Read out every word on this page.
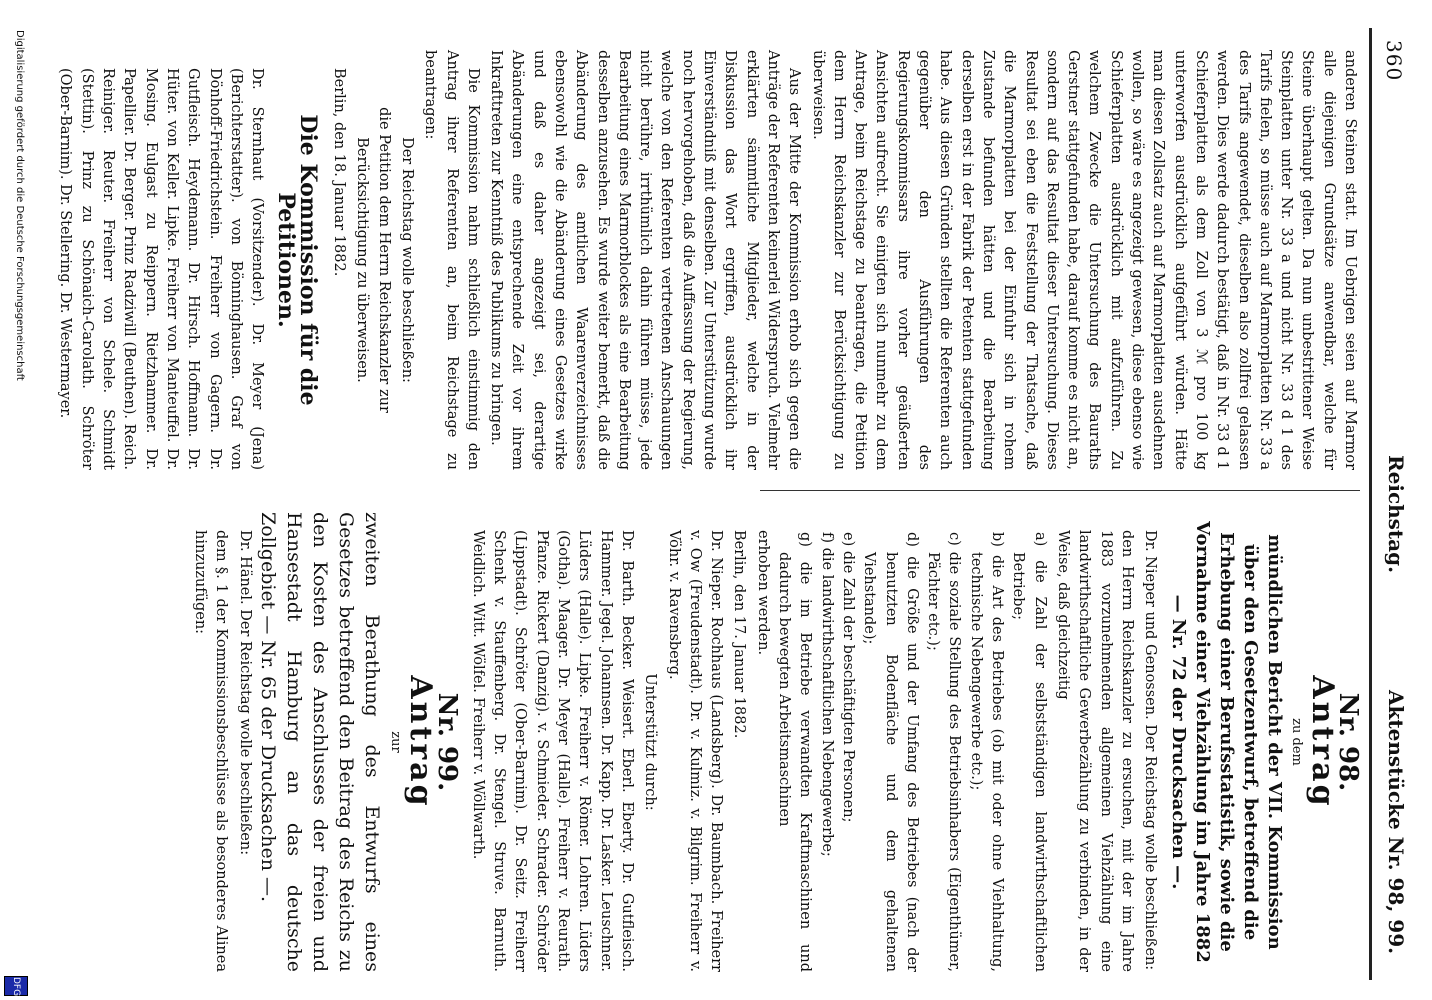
360
Reichstag.
Aktenstücke Nr. 98, 99.

anderen Steinen statt. Im Uebrigen seien auf Marmor alle diejenigen Grundsätze anwendbar, welche für Steine überhaupt gelten. Da nun unbestrittener Weise Steinplatten unter Nr. 33 a und nicht Nr. 33 d 1 des Tarifs fielen, so müsse auch auf Marmorplatten Nr. 33 a des Tarifs angewendet, dieselben also zollfrei gelassen werden. Dies werde dadurch bestätigt, daß in Nr. 33 d 1 Schieferplatten als dem Zoll von 3 ℳ pro 100 kg unterworfen ausdrücklich aufgeführt würden. Hätte man diesen Zollsatz auch auf Marmorplatten ausdehnen wollen, so wäre es angezeigt gewesen, diese ebenso wie Schieferplatten ausdrücklich mit aufzuführen. Zu welchem Zwecke die Untersuchung des Bauraths Gerstner stattgefunden habe, darauf komme es nicht an, sondern auf das Resultat dieser Untersuchung. Dieses Resultat sei eben die Feststellung der Thatsache, daß die Marmorplatten bei der Einfuhr sich in rohem Zustande befunden hätten und die Bearbeitung derselben erst in der Fabrik der Petenten stattgefunden habe. Aus diesen Gründen stellten die Referenten auch gegenüber den Ausführungen des Regierungskommissars ihre vorher geäußerten Ansichten aufrecht. Sie einigten sich nunmehr zu dem Antrage, beim Reichstage zu beantragen, die Petition dem Herrn Reichskanzler zur Berücksichtigung zu überweisen.

Aus der Mitte der Kommission erhob sich gegen die Anträge der Referenten keinerlei Widerspruch. Vielmehr erklärten sämmtliche Mitglieder, welche in der Diskussion das Wort ergriffen, ausdrücklich ihr Einverständniß mit denselben. Zur Unterstützung wurde noch hervorgehoben, daß die Auffassung der Regierung, welche von den Referenten vertretenen Anschauungen nicht berühre, irrthümlich dahin führen müsse, jede Bearbeitung eines Marmorblockes als eine Bearbeitung desselben anzusehen. Es wurde weiter bemerkt, daß die Abänderung des amtlichen Waarenverzeichnisses ebensowohl wie die Abänderung eines Gesetzes wirke und daß es daher angezeigt sei, derartige Abänderungen eine entsprechende Zeit vor ihrem Inkrafttreten zur Kenntniß des Publikums zu bringen.

Die Kommission nahm schließlich einstimmig den Antrag ihrer Referenten an, beim Reichstage zu beantragen:

Der Reichstag wolle beschließen:

die Petition dem Herrn Reichskanzler zur Berücksichtigung zu überweisen.

Berlin, den 18. Januar 1882.

Die Kommission für die Petitionen.

Dr. Sternhaut (Vorsitzender). Dr. Meyer (Jena) (Berichterstatter). von Bönninghausen. Graf von Dönhoff-Friedrichstein. Freiherr von Gagern. Dr. Gutfleisch. Heydemann. Dr. Hirsch. Hoffmann. Dr. Hüter. von Keller. Lipke. Freiherr von Manteuffel. Dr. Mosing. Eulgast zu Reippern. Rietzhammer. Dr. Papellier. Dr. Berger. Prinz Radziwill (Beuthen). Reich. Reiniger. Reuter. Freiherr von Schele. Schmidt (Stettin). Prinz zu Schönaich-Carolath. Schröter (Ober-Barnim). Dr. Stellering. Dr. Westermayer.

Nr. 98.
Antrag
zu dem
mündlichen Bericht der VII. Kommission über den Gesetzentwurf, betreffend die Erhebung einer Berufsstatistik, sowie die Vornahme einer Viehzählung im Jahre 1882 — Nr. 72 der Drucksachen —.

Dr. Nieper und Genossen. Der Reichstag wolle beschließen:

den Herrn Reichskanzler zu ersuchen, mit der im Jahre 1883 vorzunehmenden allgemeinen Viehzählung eine landwirthschaftliche Gewerbezählung zu verbinden, in der Weise, daß gleichzeitig

a) die Zahl der selbstständigen landwirthschaftlichen Betriebe;
b) die Art des Betriebes (ob mit oder ohne Viehhaltung, technische Nebengewerbe etc.);
c) die soziale Stellung des Betriebsinhabers (Eigenthümer, Pächter etc.);
d) die Größe und der Umfang des Betriebes (nach der benutzten Bodenfläche und dem gehaltenen Viehstande);
e) die Zahl der beschäftigten Personen;
f) die landwirthschaftlichen Nebengewerbe;
g) die im Betriebe verwandten Kraftmaschinen und dadurch bewegten Arbeitsmaschinen

erhoben werden.

Berlin, den 17. Januar 1882.

Dr. Nieper. Rochhaus (Landsberg). Dr. Baumbach. Freiherr v. Ow (Freudenstadt). Dr. v. Kulmiz. v. Bilgrim. Freiherr v. Vöhr. v. Ravensberg.

Unterstützt durch:

Dr. Barth. Becker. Weisert. Eberl. Eberty. Dr. Gutfleisch. Hammer. Jegel. Johannsen. Dr. Kapp. Dr. Lasker. Leuschner. Lüders (Halle). Lipke. Freiherr v. Römer. Lohren. Lüders (Gotha). Maager. Dr. Meyer (Halle). Freiherr v. Reurath. Pfanze. Rickert (Danzig). v. Schmieder. Schrader. Schröder (Lippstadt). Schröter (Ober-Barnim). Dr. Seitz. Freiherr Schenk v. Stauffenberg. Dr. Stengel. Struve. Barnuth. Weidlich. Witt. Wölfel. Freiherr v. Wöllwarth.

Nr. 99.
Antrag
zur
zweiten Berathung des Entwurfs eines Gesetzes betreffend den Beitrag des Reichs zu den Kosten des Anschlusses der freien und Hansestadt Hamburg an das deutsche Zollgebiet — Nr. 65 der Drucksachen —.

Dr. Hänel. Der Reichstag wolle beschließen:

dem §. 1 der Kommissionsbeschlüsse als besonderes Alinea hinzuzufügen:

Digitalisierung gefördert durch die Deutsche Forschungsgemeinschaft
DFG
